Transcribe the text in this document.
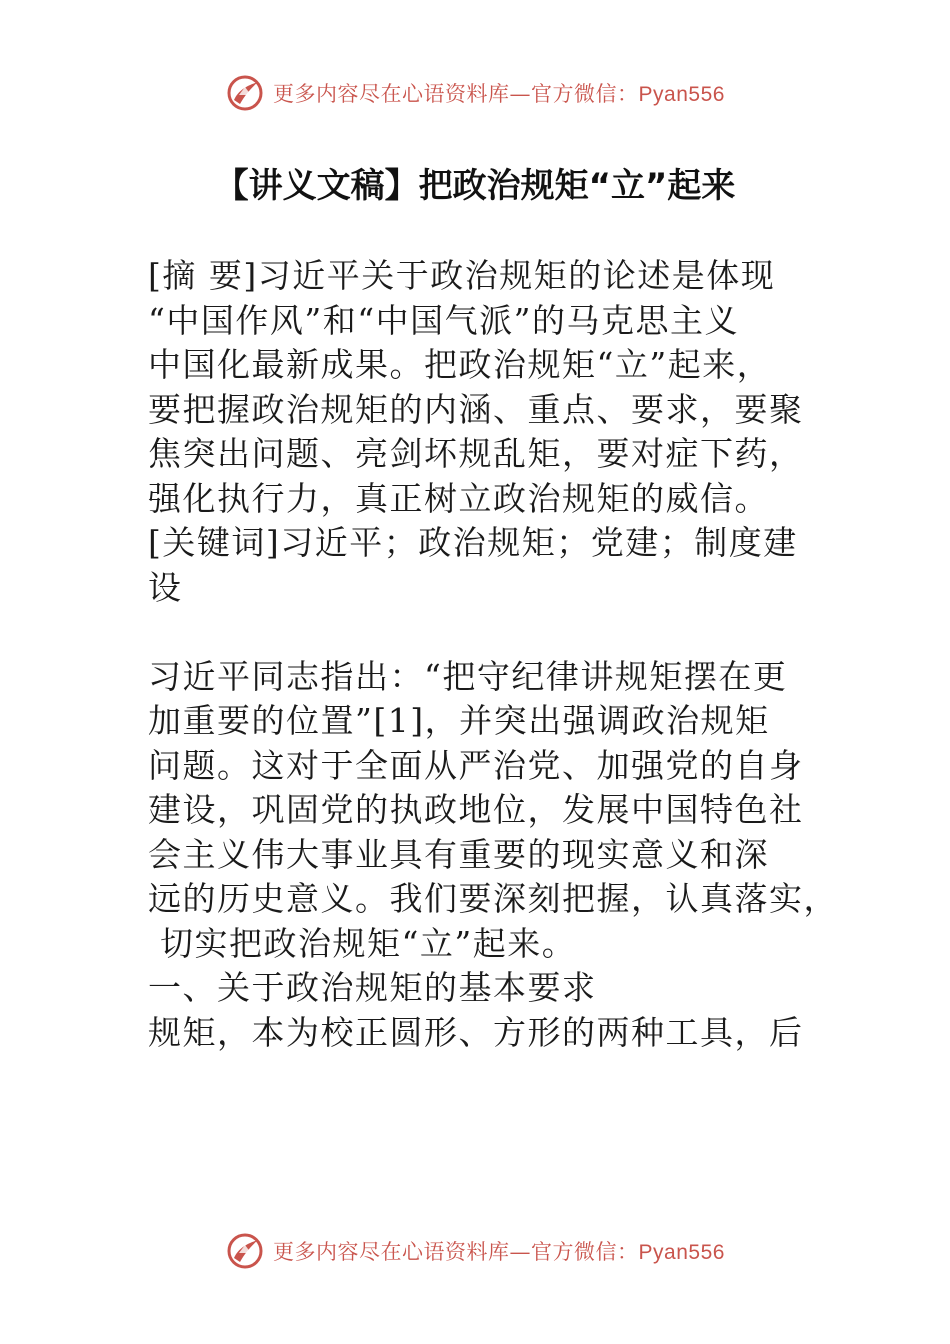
更多内容尽在心语资料库—官方微信：Pyan556
【讲义文稿】把政治规矩“立”起来
[摘 要]习近平关于政治规矩的论述是体现
“中国作风”和“中国气派”的马克思主义
中国化最新成果。把政治规矩“立”起来，
要把握政治规矩的内涵、重点、要求，要聚
焦突出问题、亮剑坏规乱矩，要对症下药，
强化执行力，真正树立政治规矩的威信。
[关键词]习近平；政治规矩；党建；制度建
设
习近平同志指出：“把守纪律讲规矩摆在更
加重要的位置”[1]，并突出强调政治规矩
问题。这对于全面从严治党、加强党的自身
建设，巩固党的执政地位，发展中国特色社
会主义伟大事业具有重要的现实意义和深
远的历史意义。我们要深刻把握，认真落实，
切实把政治规矩“立”起来。
一、关于政治规矩的基本要求
规矩，本为校正圆形、方形的两种工具，后
更多内容尽在心语资料库—官方微信：Pyan556
